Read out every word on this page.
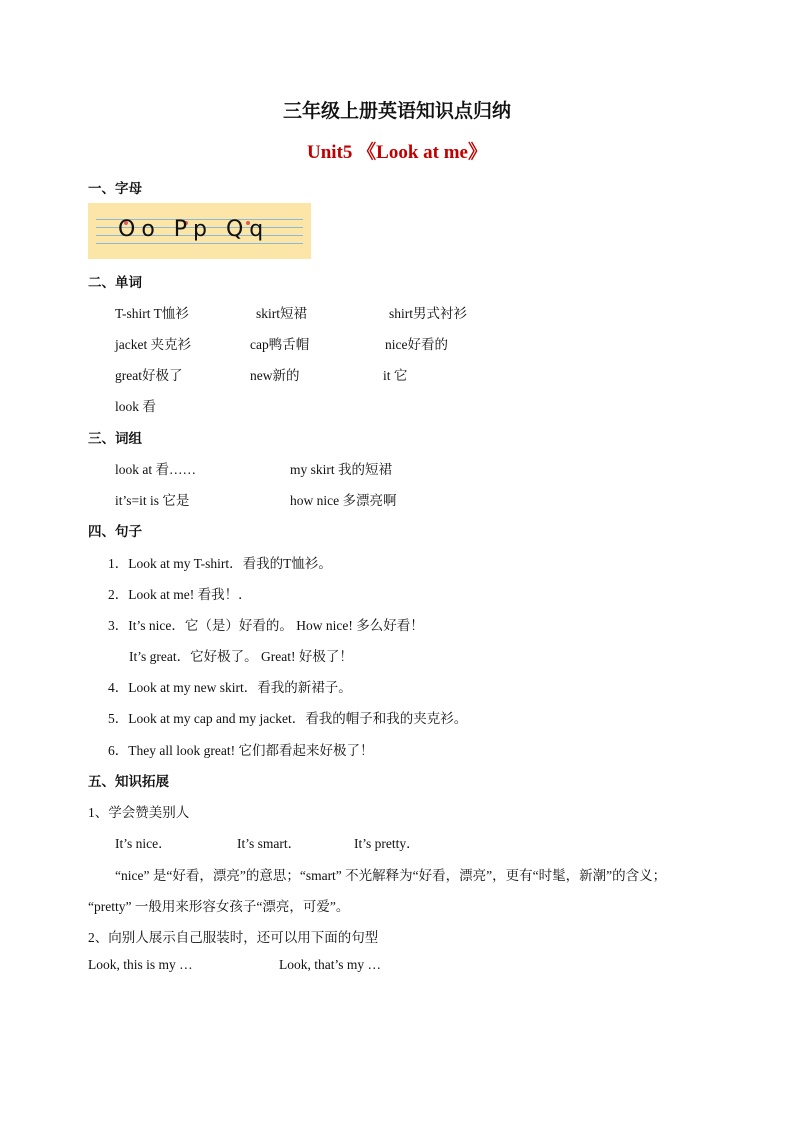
三年级上册英语知识点归纳
Unit5 《Look at me》
一、字母
Oo Pp Qq
二、单词
T-shirt T恤衫	skirt短裙	shirt男式衬衫
jacket 夹克衫	cap鸭舌帽	nice好看的
great好极了	new新的	it 它
look 看
三、词组
look at 看……	my skirt 我的短裙
it’s=it is 它是	how nice 多漂亮啊
四、句子
1．Look at my T-shirt．看我的T恤衫。
2．Look at me! 看我！．
3．It’s nice．它（是）好看的。 How nice! 多么好看！
It’s great．它好极了。 Great! 好极了！
4．Look at my new skirt．看我的新裙子。
5．Look at my cap and my jacket．看我的帽子和我的夹克衫。
6．They all look great! 它们都看起来好极了！
五、知识拓展
1、学会赞美别人
It’s nice．	It’s smart．	It’s pretty．
“nice” 是“好看，漂亮”的意思；“smart” 不光解释为“好看，漂亮”，更有“时髦，新潮”的含义；
“pretty” 一般用来形容女孩子“漂亮，可爱”。
2、向别人展示自己服装时，还可以用下面的句型
Look, this is my …	Look, that’s my …
